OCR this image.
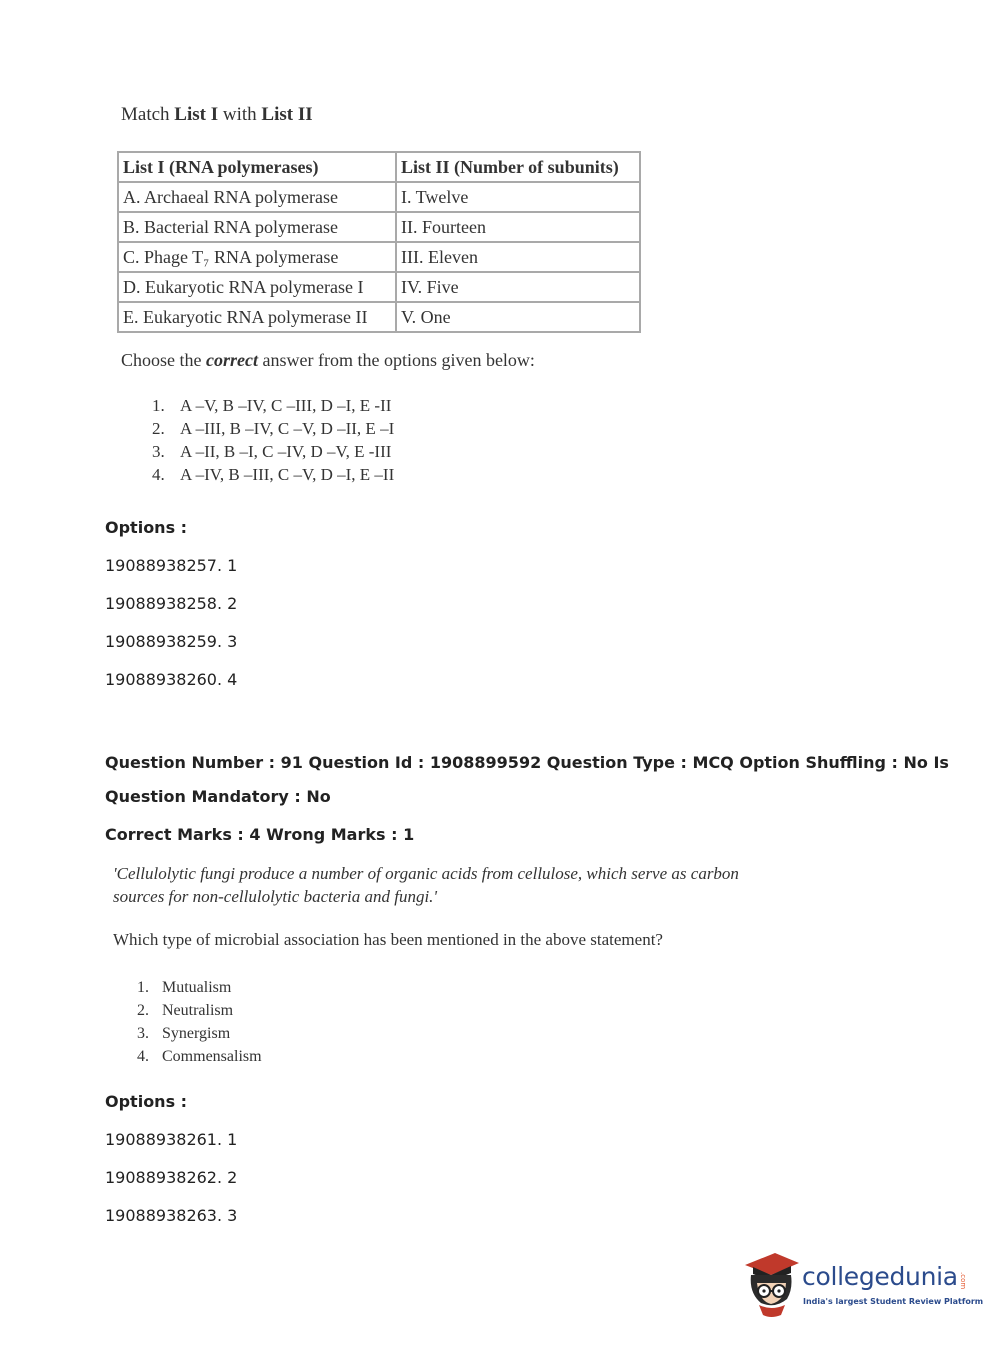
Match List I with List II
List I (RNA polymerases)	List II (Number of subunits)
A. Archaeal RNA polymerase	I. Twelve
B. Bacterial RNA polymerase	II. Fourteen
C. Phage T₇ RNA polymerase	III. Eleven
D. Eukaryotic RNA polymerase I	IV. Five
E. Eukaryotic RNA polymerase II	V. One
Choose the correct answer from the options given below:
1. A –V, B –IV, C –III, D –I, E -II
2. A –III, B –IV, C –V, D –II, E –I
3. A –II, B –I, C –IV, D –V, E -III
4. A –IV, B –III, C –V, D –I, E –II
Options :
19088938257. 1
19088938258. 2
19088938259. 3
19088938260. 4
Question Number : 91 Question Id : 1908899592 Question Type : MCQ Option Shuffling : No Is
Question Mandatory : No
Correct Marks : 4 Wrong Marks : 1
'Cellulolytic fungi produce a number of organic acids from cellulose, which serve as carbon
sources for non-cellulolytic bacteria and fungi.'
Which type of microbial association has been mentioned in the above statement?
1. Mutualism
2. Neutralism
3. Synergism
4. Commensalism
Options :
19088938261. 1
19088938262. 2
19088938263. 3
collegedunia .com
India's largest Student Review Platform
